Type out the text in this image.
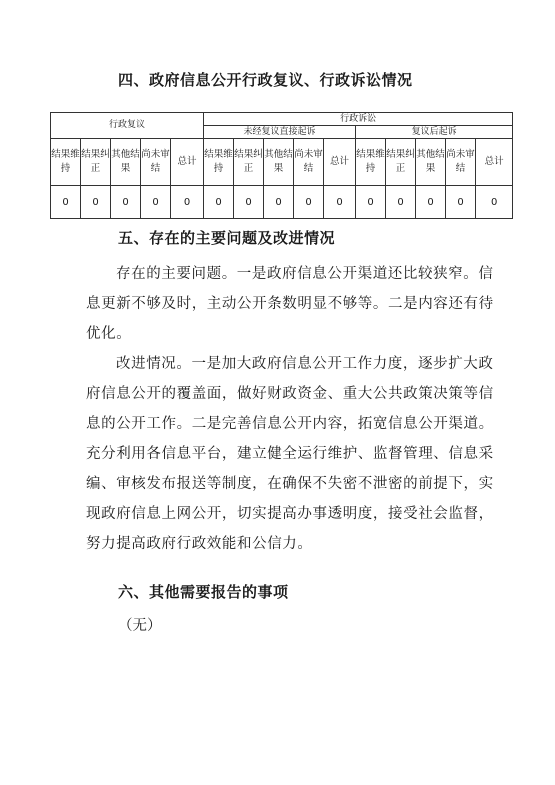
四、政府信息公开行政复议、行政诉讼情况
行政复议					行政诉讼									
					未经复议直接起诉					复议后起诉				
结果维持	结果纠正	其他结果	尚未审结	总计	结果维持	结果纠正	其他结果	尚未审结	总计	结果维持	结果纠正	其他结果	尚未审结	总计
0	0	0	0	0	0	0	0	0	0	0	0	0	0	0
五、存在的主要问题及改进情况

存在的主要问题。一是政府信息公开渠道还比较狭窄。信息更新不够及时，主动公开条数明显不够等。二是内容还有待优化。

改进情况。一是加大政府信息公开工作力度，逐步扩大政府信息公开的覆盖面，做好财政资金、重大公共政策决策等信息的公开工作。二是完善信息公开内容，拓宽信息公开渠道。充分利用各信息平台，建立健全运行维护、监督管理、信息采编、审核发布报送等制度，在确保不失密不泄密的前提下，实现政府信息上网公开，切实提高办事透明度，接受社会监督，努力提高政府行政效能和公信力。

六、其他需要报告的事项
（无）
